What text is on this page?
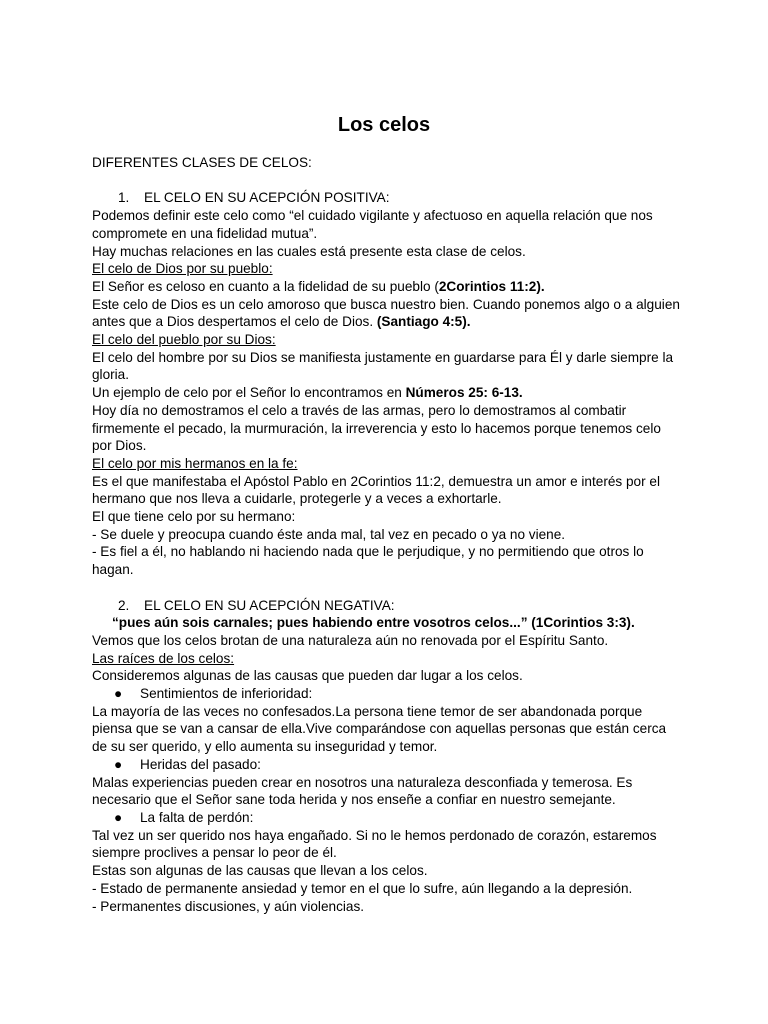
Los celos

DIFERENTES CLASES DE CELOS:

1. EL CELO EN SU ACEPCIÓN POSITIVA:

Podemos definir este celo como “el cuidado vigilante y afectuoso en aquella relación que nos compromete en una fidelidad mutua”.

Hay muchas relaciones en las cuales está presente esta clase de celos.

El celo de Dios por su pueblo:

El Señor es celoso en cuanto a la fidelidad de su pueblo (2Corintios 11:2).

Este celo de Dios es un celo amoroso que busca nuestro bien. Cuando ponemos algo o a alguien antes que a Dios despertamos el celo de Dios. (Santiago 4:5).

El celo del pueblo por su Dios:

El celo del hombre por su Dios se manifiesta justamente en guardarse para Él y darle siempre la gloria.

Un ejemplo de celo por el Señor lo encontramos en Números 25: 6-13.

Hoy día no demostramos el celo a través de las armas, pero lo demostramos al combatir firmemente el pecado, la murmuración, la irreverencia y esto lo hacemos porque tenemos celo por Dios.

El celo por mis hermanos en la fe:

Es el que manifestaba el Apóstol Pablo en 2Corintios 11:2, demuestra un amor e interés por el

hermano que nos lleva a cuidarle, protegerle y a veces a exhortarle.

El que tiene celo por su hermano:

- Se duele y preocupa cuando éste anda mal, tal vez en pecado o ya no viene.

- Es fiel a él, no hablando ni haciendo nada que le perjudique, y no permitiendo que otros lo hagan.

2. EL CELO EN SU ACEPCIÓN NEGATIVA:

“pues aún sois carnales; pues habiendo entre vosotros celos...” (1Corintios 3:3).

Vemos que los celos brotan de una naturaleza aún no renovada por el Espíritu Santo.

Las raíces de los celos:

Consideremos algunas de las causas que pueden dar lugar a los celos.

● Sentimientos de inferioridad:

La mayoría de las veces no confesados.La persona tiene temor de ser abandonada porque piensa que se van a cansar de ella.Vive comparándose con aquellas personas que están cerca de su ser querido, y ello aumenta su inseguridad y temor.

● Heridas del pasado:

Malas experiencias pueden crear en nosotros una naturaleza desconfiada y temerosa. Es necesario que el Señor sane toda herida y nos enseñe a confiar en nuestro semejante.

● La falta de perdón:

Tal vez un ser querido nos haya engañado. Si no le hemos perdonado de corazón, estaremos siempre proclives a pensar lo peor de él.

Estas son algunas de las causas que llevan a los celos.

- Estado de permanente ansiedad y temor en el que lo sufre, aún llegando a la depresión.

- Permanentes discusiones, y aún violencias.
